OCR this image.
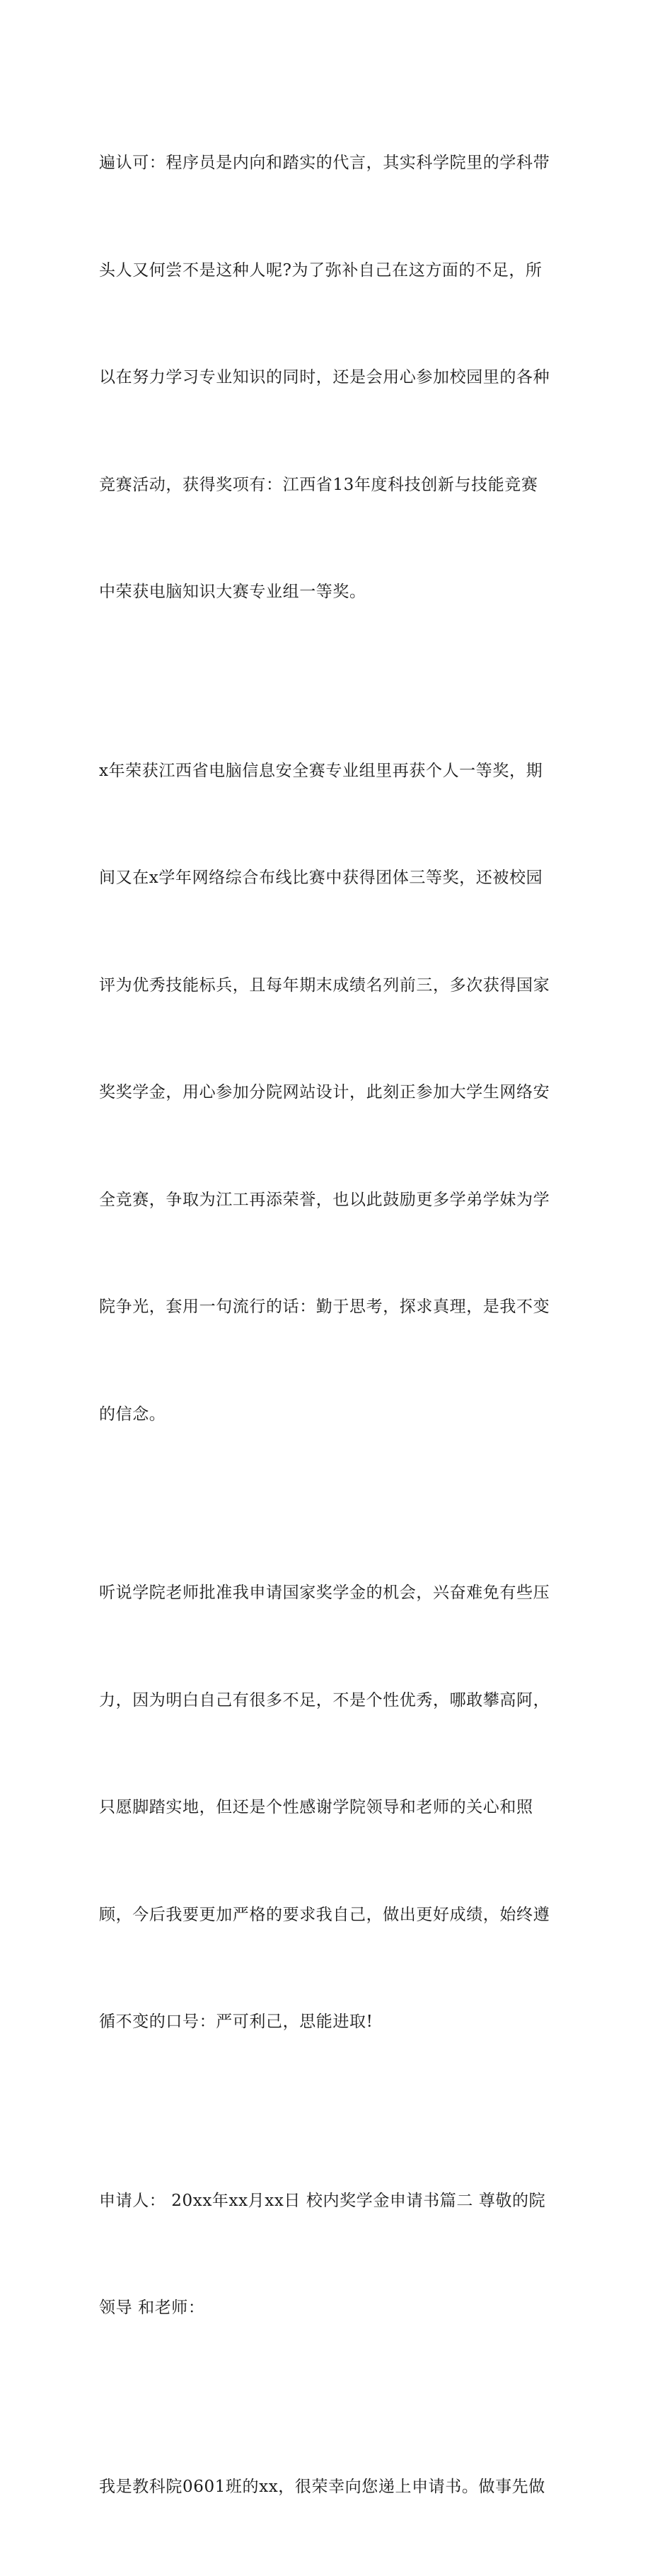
遍认可：程序员是内向和踏实的代言，其实科学院里的学科带

头人又何尝不是这种人呢?为了弥补自己在这方面的不足，所

以在努力学习专业知识的同时，还是会用心参加校园里的各种

竞赛活动，获得奖项有：江西省13年度科技创新与技能竞赛

中荣获电脑知识大赛专业组一等奖。

x年荣获江西省电脑信息安全赛专业组里再获个人一等奖，期

间又在x学年网络综合布线比赛中获得团体三等奖，还被校园

评为优秀技能标兵，且每年期末成绩名列前三，多次获得国家

奖奖学金，用心参加分院网站设计，此刻正参加大学生网络安

全竞赛，争取为江工再添荣誉，也以此鼓励更多学弟学妹为学

院争光，套用一句流行的话：勤于思考，探求真理，是我不变

的信念。

听说学院老师批准我申请国家奖学金的机会，兴奋难免有些压

力，因为明白自己有很多不足，不是个性优秀，哪敢攀高阿，

只愿脚踏实地，但还是个性感谢学院领导和老师的关心和照

顾，今后我要更加严格的要求我自己，做出更好成绩，始终遵

循不变的口号：严可利己，思能进取!

申请人： 20xx年xx月xx日 校内奖学金申请书篇二 尊敬的院

领导 和老师：

我是教科院0601班的xx，很荣幸向您递上申请书。做事先做
